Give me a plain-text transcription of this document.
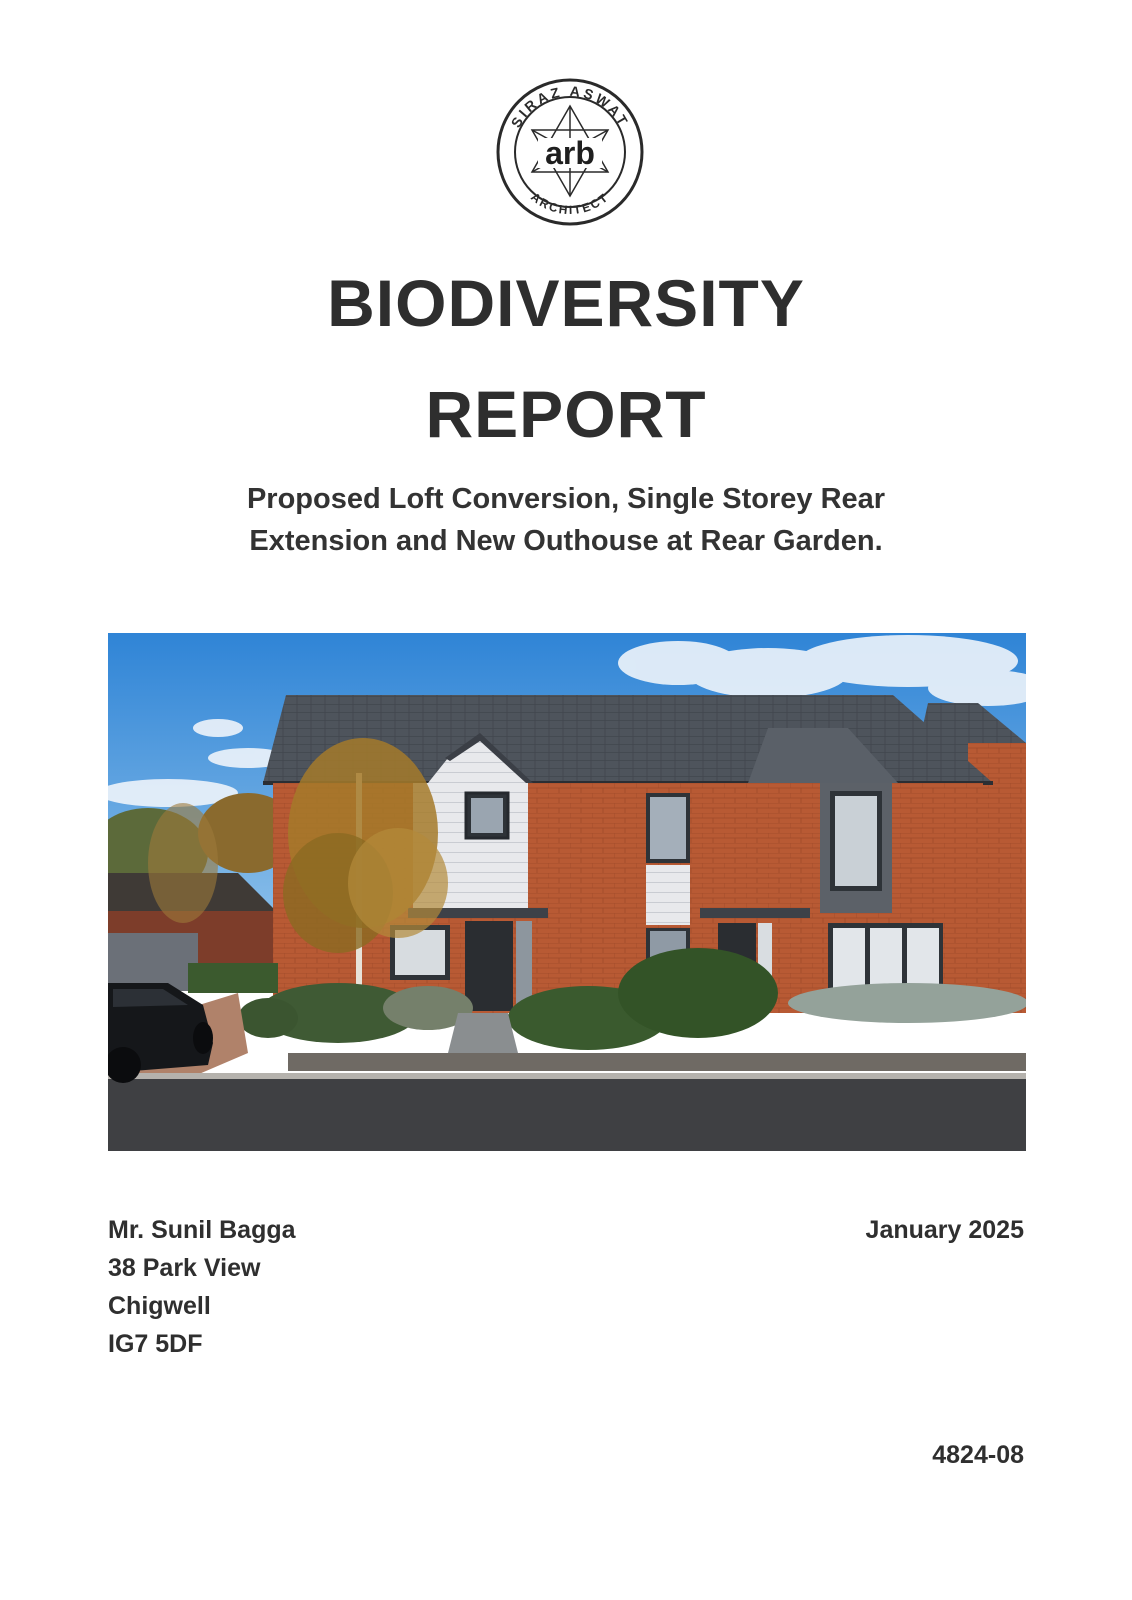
SIRAZ ASWAT
ARCHITECT
arb
BIODIVERSITY
REPORT
Proposed Loft Conversion, Single Storey Rear
Extension and New Outhouse at Rear Garden.
Mr. Sunil Bagga
38 Park View
Chigwell
IG7 5DF
January 2025
4824-08
